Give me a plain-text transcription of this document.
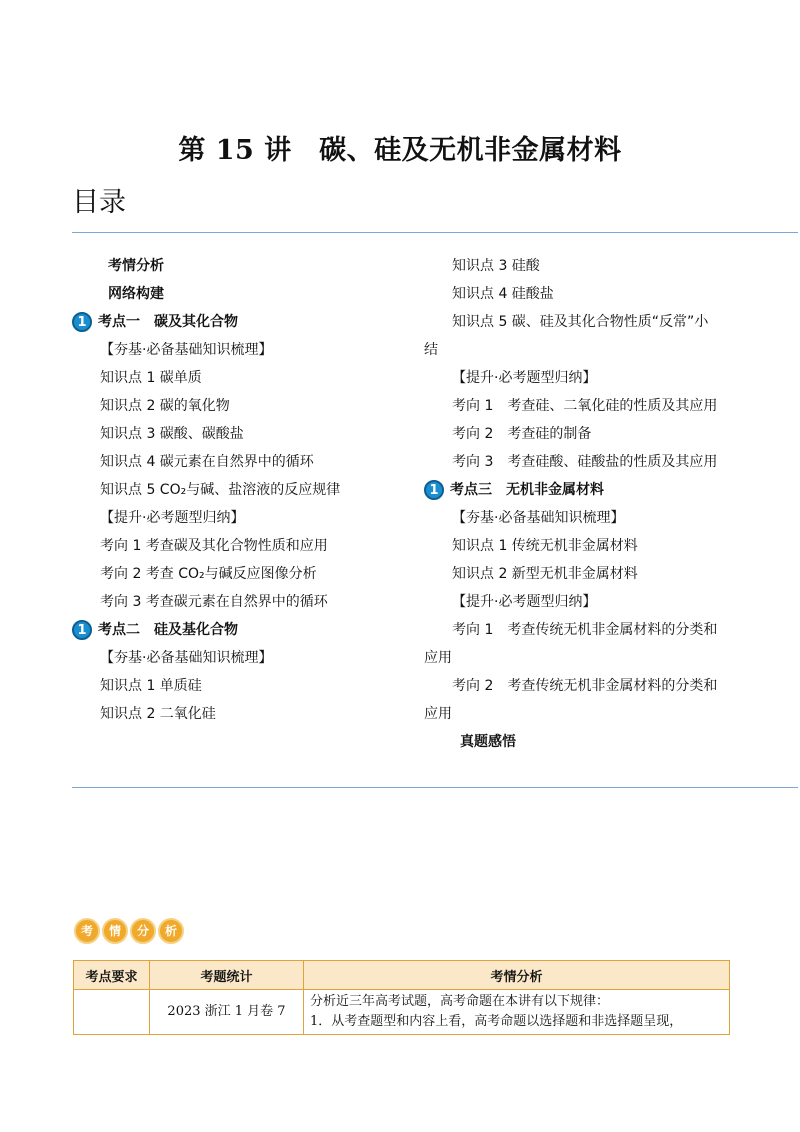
第 15 讲　碳、硅及无机非金属材料
目录
考情分析
网络构建
1 考点一　碳及其化合物
【夯基·必备基础知识梳理】
知识点 1 碳单质
知识点 2 碳的氧化物
知识点 3 碳酸、碳酸盐
知识点 4 碳元素在自然界中的循环
知识点 5 CO₂与碱、盐溶液的反应规律
【提升·必考题型归纳】
考向 1 考查碳及其化合物性质和应用
考向 2 考查 CO₂与碱反应图像分析
考向 3 考查碳元素在自然界中的循环
1 考点二　硅及基化合物
【夯基·必备基础知识梳理】
知识点 1 单质硅
知识点 2 二氧化硅
知识点 3 硅酸
知识点 4 硅酸盐
知识点 5 碳、硅及其化合物性质“反常”小
结
【提升·必考题型归纳】
考向 1　考查硅、二氧化硅的性质及其应用
考向 2　考查硅的制备
考向 3　考查硅酸、硅酸盐的性质及其应用
1 考点三　无机非金属材料
【夯基·必备基础知识梳理】
知识点 1 传统无机非金属材料
知识点 2 新型无机非金属材料
【提升·必考题型归纳】
考向 1　考查传统无机非金属材料的分类和
应用
考向 2　考查传统无机非金属材料的分类和
应用
真题感悟
考	情	分	析
考点要求	考题统计	考情分析

	2023 浙江 1 月卷 7	分析近三年高考试题，高考命题在本讲有以下规律：
1．从考查题型和内容上看，高考命题以选择题和非选择题呈现，
